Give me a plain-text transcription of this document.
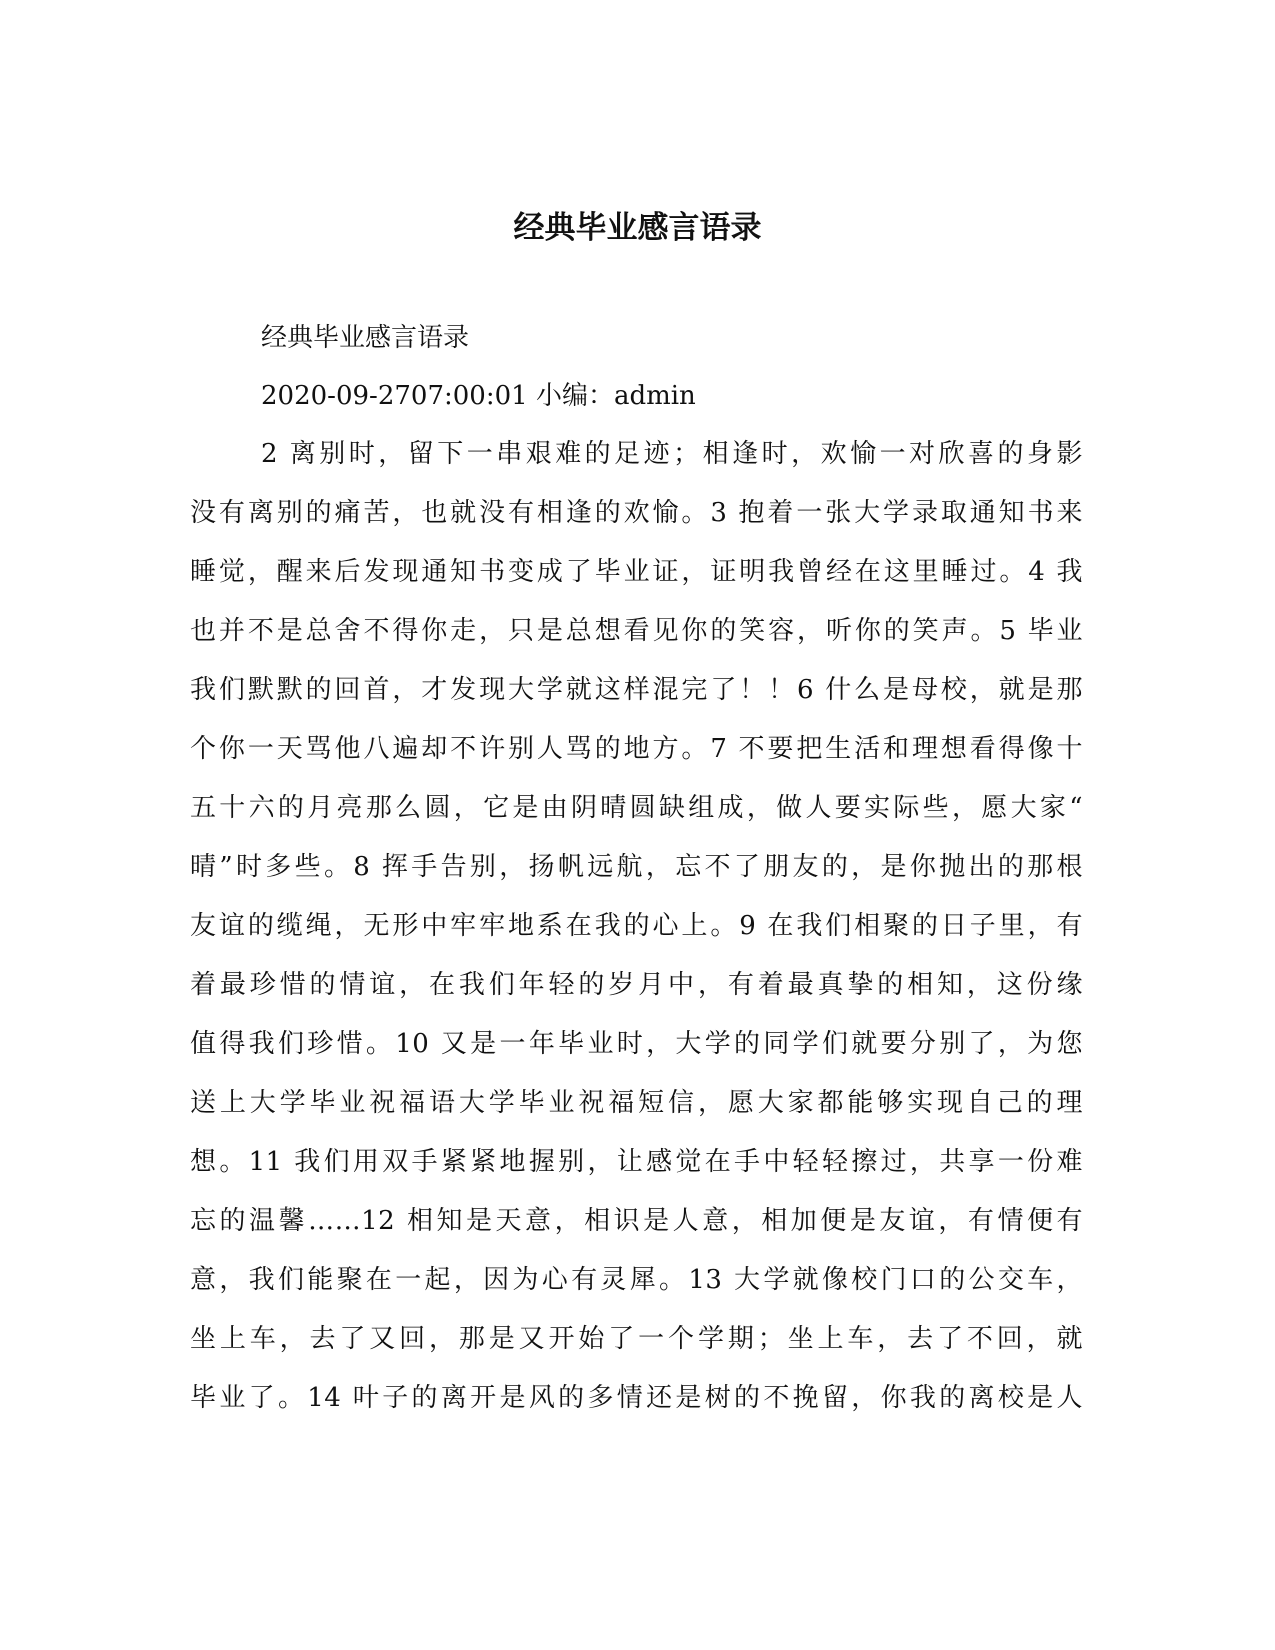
经典毕业感言语录

经典毕业感言语录

2020-09-2707:00:01 小编：admin

2 离别时，留下一串艰难的足迹；相逢时，欢愉一对欣喜的身影

没有离别的痛苦，也就没有相逢的欢愉。3 抱着一张大学录取通知书来

睡觉，醒来后发现通知书变成了毕业证，证明我曾经在这里睡过。4 我

也并不是总舍不得你走，只是总想看见你的笑容，听你的笑声。5 毕业

我们默默的回首，才发现大学就这样混完了！！6 什么是母校，就是那

个你一天骂他八遍却不许别人骂的地方。7 不要把生活和理想看得像十

五十六的月亮那么圆，它是由阴晴圆缺组成，做人要实际些，愿大家“

晴”时多些。8 挥手告别，扬帆远航，忘不了朋友的，是你抛出的那根

友谊的缆绳，无形中牢牢地系在我的心上。9 在我们相聚的日子里，有

着最珍惜的情谊，在我们年轻的岁月中，有着最真挚的相知，这份缘

值得我们珍惜。10 又是一年毕业时，大学的同学们就要分别了，为您

送上大学毕业祝福语大学毕业祝福短信，愿大家都能够实现自己的理

想。11 我们用双手紧紧地握别，让感觉在手中轻轻擦过，共享一份难

忘的温馨……12 相知是天意，相识是人意，相加便是友谊，有情便有

意，我们能聚在一起，因为心有灵犀。13 大学就像校门口的公交车，

坐上车，去了又回，那是又开始了一个学期；坐上车，去了不回，就

毕业了。14 叶子的离开是风的多情还是树的不挽留，你我的离校是人
